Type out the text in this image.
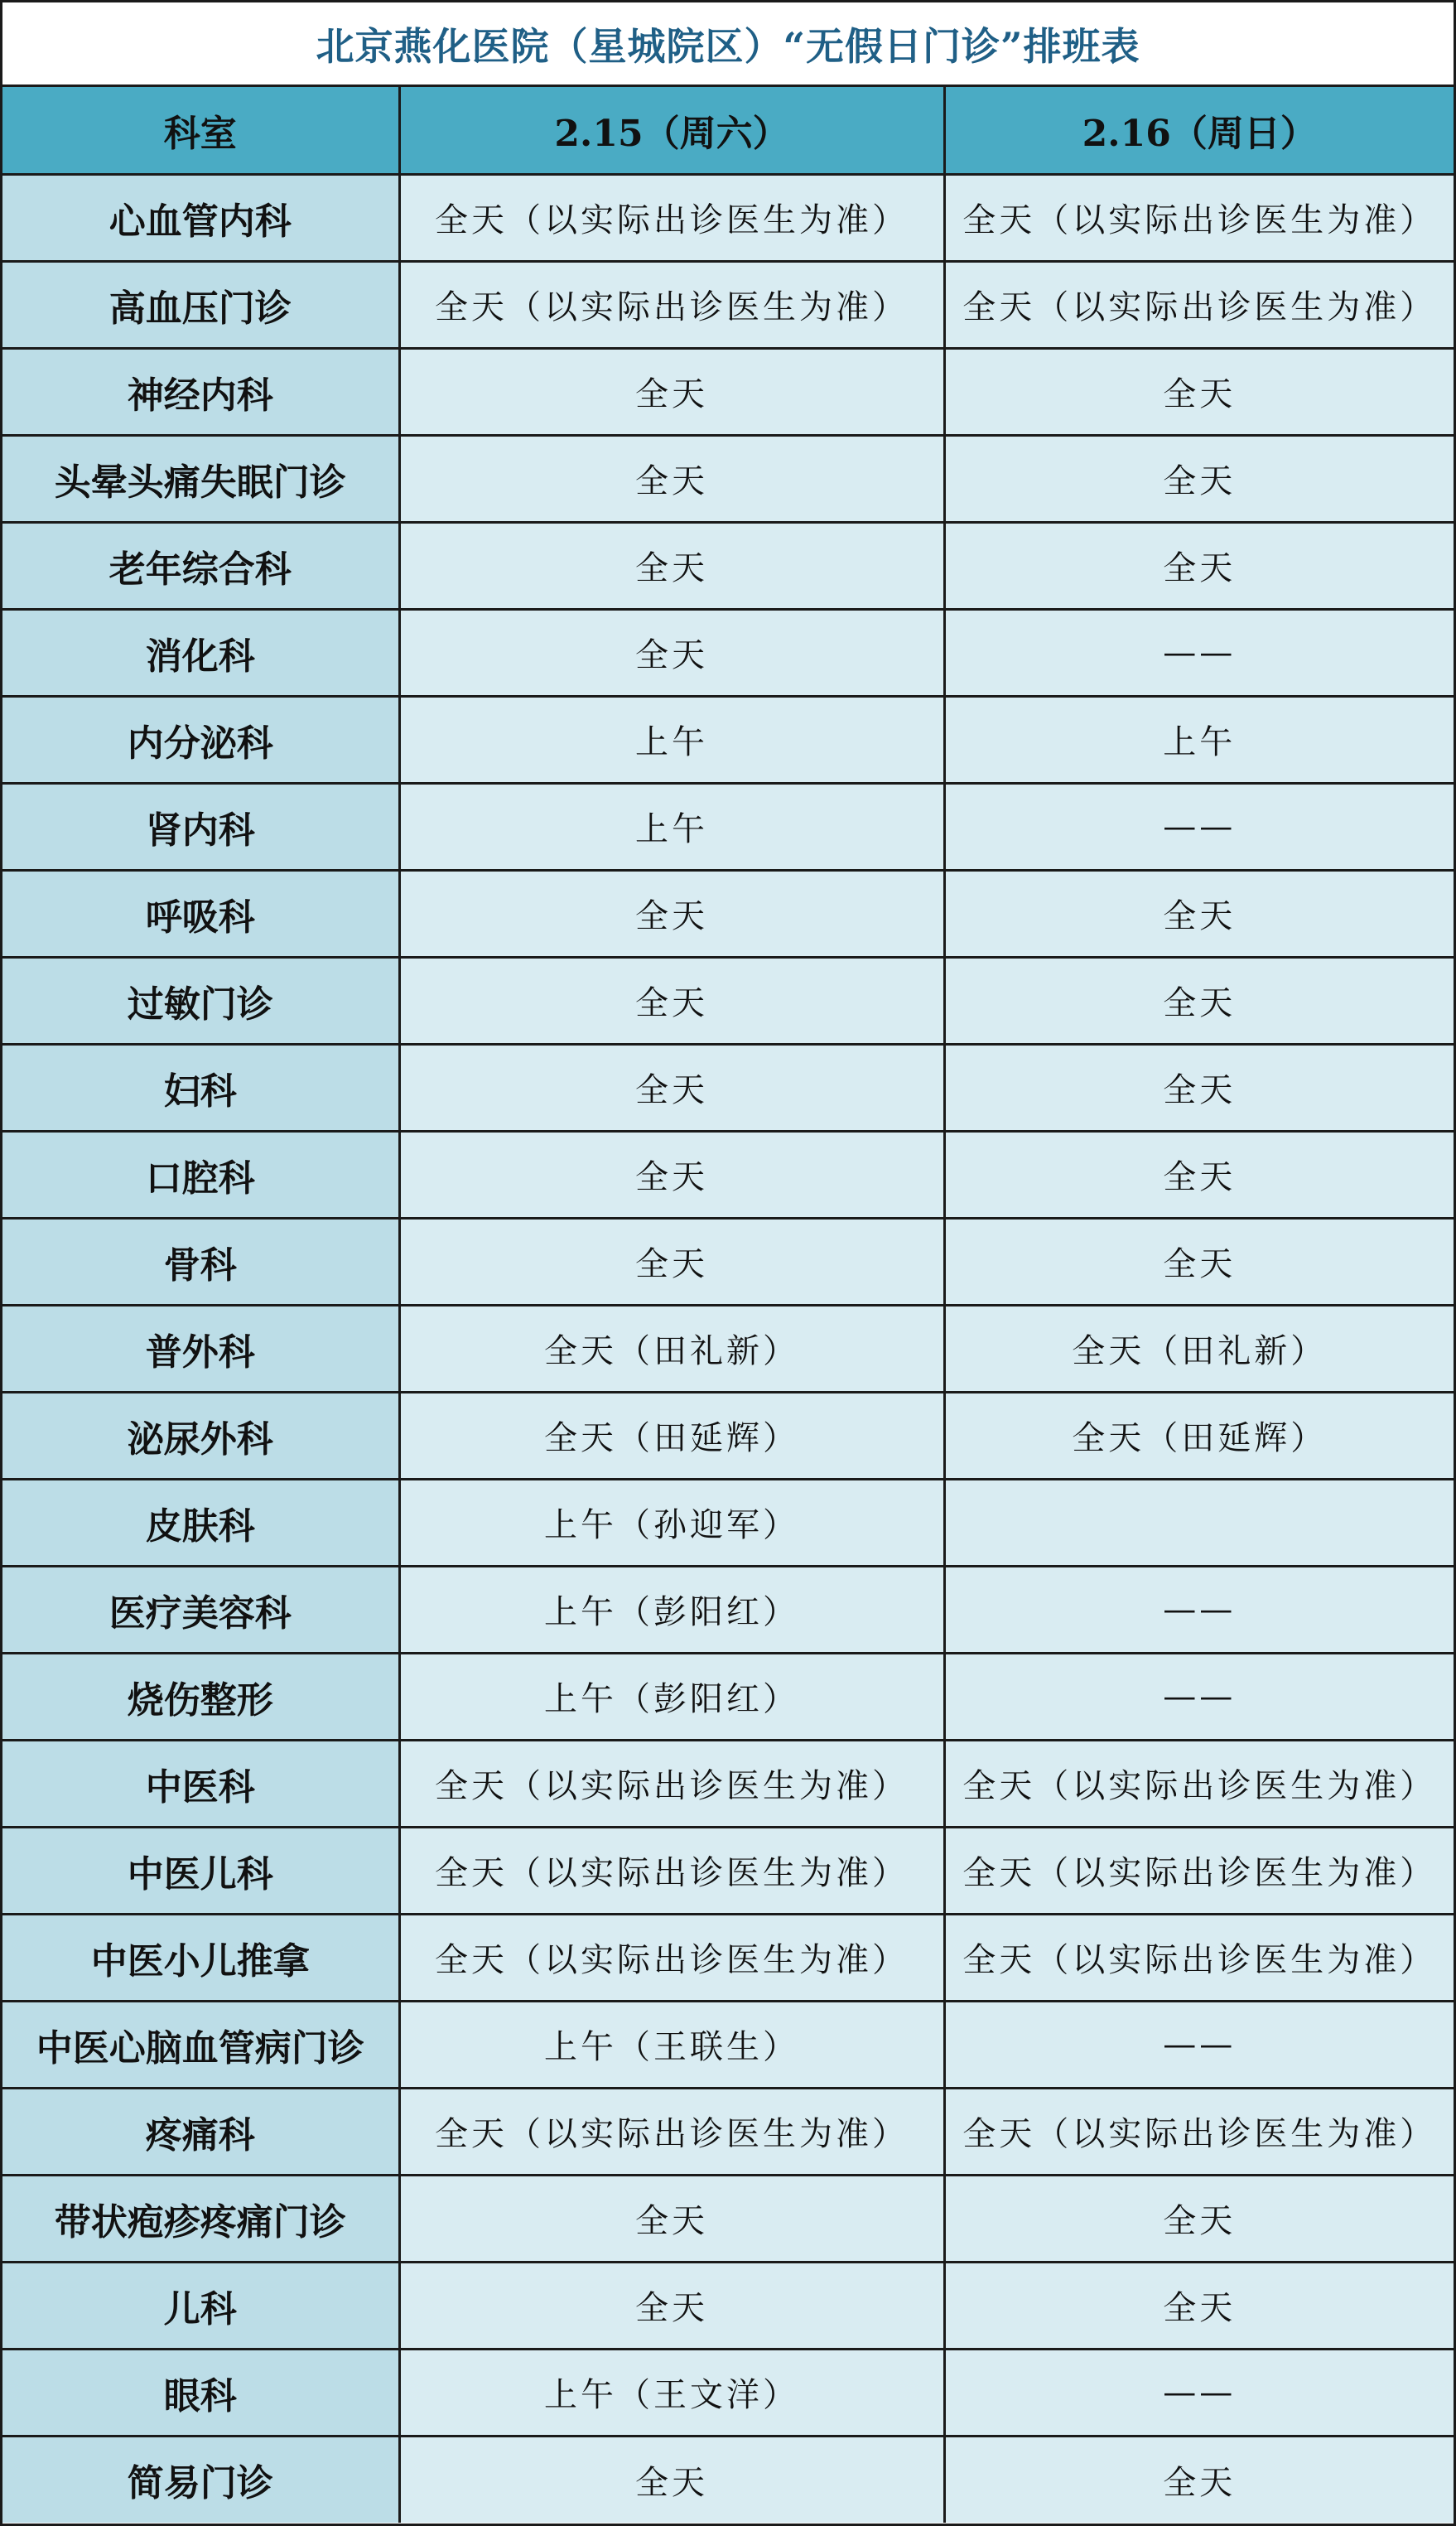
北京燕化医院（星城院区）“无假日门诊”排班表
科室	2.15（周六）	2.16（周日）
心血管内科	全天（以实际出诊医生为准）	全天（以实际出诊医生为准）
高血压门诊	全天（以实际出诊医生为准）	全天（以实际出诊医生为准）
神经内科	全天	全天
头晕头痛失眠门诊	全天	全天
老年综合科	全天	全天
消化科	全天	——
内分泌科	上午	上午
肾内科	上午	——
呼吸科	全天	全天
过敏门诊	全天	全天
妇科	全天	全天
口腔科	全天	全天
骨科	全天	全天
普外科	全天（田礼新）	全天（田礼新）
泌尿外科	全天（田延辉）	全天（田延辉）
皮肤科	上午（孙迎军）	
医疗美容科	上午（彭阳红）	——
烧伤整形	上午（彭阳红）	——
中医科	全天（以实际出诊医生为准）	全天（以实际出诊医生为准）
中医儿科	全天（以实际出诊医生为准）	全天（以实际出诊医生为准）
中医小儿推拿	全天（以实际出诊医生为准）	全天（以实际出诊医生为准）
中医心脑血管病门诊	上午（王联生）	——
疼痛科	全天（以实际出诊医生为准）	全天（以实际出诊医生为准）
带状疱疹疼痛门诊	全天	全天
儿科	全天	全天
眼科	上午（王文洋）	——
简易门诊	全天	全天
